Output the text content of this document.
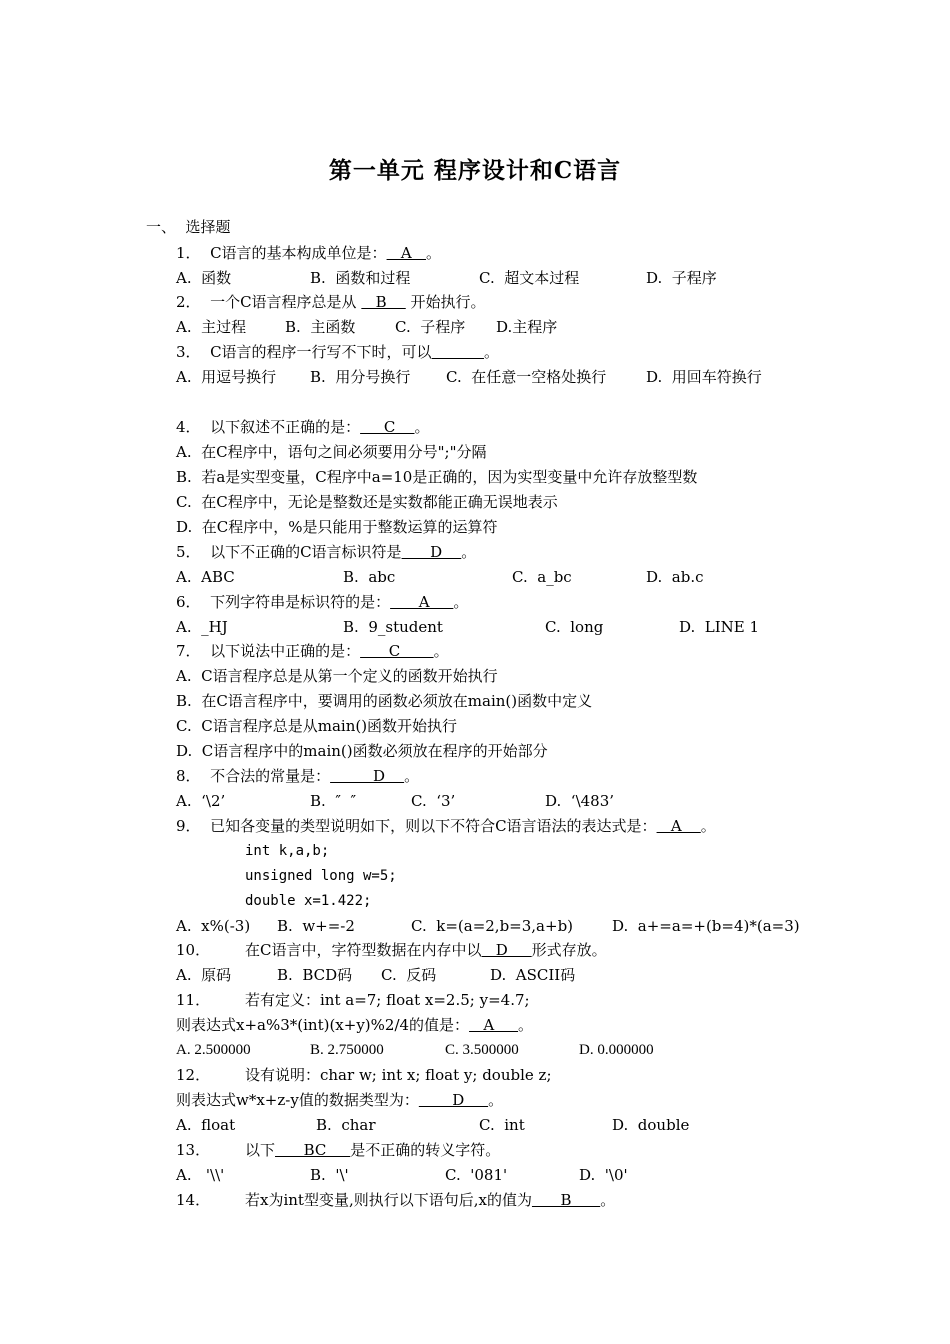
第一单元 程序设计和C语言
一、  选择题
1．  C语言的基本构成单位是：   A   。
A.  函数	B.  函数和过程	C.  超文本过程	D.  子程序
2．  一个C语言程序总是从    B     开始执行。
A.  主过程	B.  主函数	C.  子程序 D.主程序
3．  C语言的程序一行写不下时，可以	。
A.  用逗号换行 B.  用分号换行 C.  在任意一空格处换行	D.  用回车符换行
4．  以下叙述不正确的是：     C    。
A.  在C程序中，语句之间必须要用分号";"分隔
B.  若a是实型变量，C程序中a=10是正确的，因为实型变量中允许存放整型数
C.  在C程序中，无论是整数还是实数都能正确无误地表示
D.  在C程序中，%是只能用于整数运算的运算符
5．  以下不正确的C语言标识符是      D    。
A.  ABC	B.  abc	C.  a_bc	D.  ab.c
6．  下列字符串是标识符的是：      A     。
A.  _HJ	B.  9_student	C.  long	D.  LINE 1
7．  以下说法中正确的是：      C       。
A.  C语言程序总是从第一个定义的函数开始执行
B.  在C语言程序中，要调用的函数必须放在main()函数中定义
C.  C语言程序总是从main()函数开始执行
D.  C语言程序中的main()函数必须放在程序的开始部分
8．  不合法的常量是：         D    。
A.  ‘\2’	B.  ″  ″	C.  ‘3’	D.  ‘\483’
9．  已知各变量的类型说明如下，则以下不符合C语言语法的表达式是：   A    。
int k,a,b;
unsigned long w=5;
double x=1.422;
A.  x%(-3) B.  w+=-2	C.  k=(a=2,b=3,a+b)	D.  a+=a=+(b=4)*(a=3)
10． 在C语言中，字符型数据在内存中以   D     形式存放。
A.  原码	B.  BCD码 C.  反码	D.  ASCII码
11． 若有定义：int a=7; float x=2.5; y=4.7;
则表达式x+a%3*(int)(x+y)%2/4的值是：   A     。
A. 2.500000	B. 2.750000	C. 3.500000	D. 0.000000
12． 设有说明：char w; int x; float y; double z;
则表达式w*x+z-y值的数据类型为：       D     。
A.  float	B.  char	C.  int	D.  double
13． 以下      BC     是不正确的转义字符。
A.   '\\'	B.  '\'	C.  '081'	D.  '\0'
14． 若x为int型变量,则执行以下语句后,x的值为      B      。
